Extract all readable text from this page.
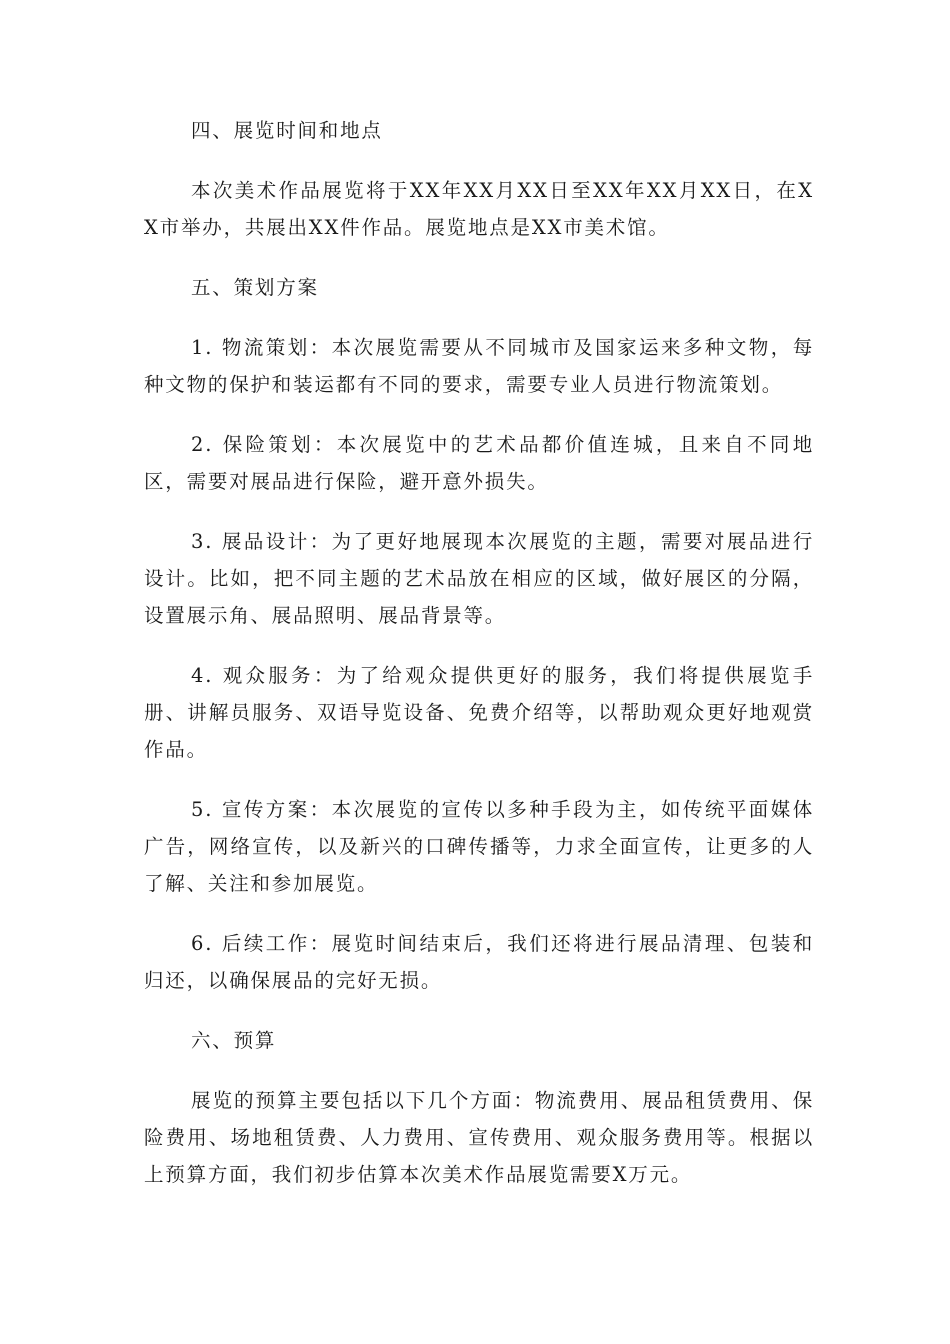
四、展览时间和地点

本次美术作品展览将于XX年XX月XX日至XX年XX月XX日，在XX市举办，共展出XX件作品。展览地点是XX市美术馆。

五、策划方案

1. 物流策划：本次展览需要从不同城市及国家运来多种文物，每种文物的保护和装运都有不同的要求，需要专业人员进行物流策划。

2. 保险策划：本次展览中的艺术品都价值连城，且来自不同地区，需要对展品进行保险，避开意外损失。

3. 展品设计：为了更好地展现本次展览的主题，需要对展品进行设计。比如，把不同主题的艺术品放在相应的区域，做好展区的分隔，设置展示角、展品照明、展品背景等。

4. 观众服务：为了给观众提供更好的服务，我们将提供展览手册、讲解员服务、双语导览设备、免费介绍等，以帮助观众更好地观赏作品。

5. 宣传方案：本次展览的宣传以多种手段为主，如传统平面媒体广告，网络宣传，以及新兴的口碑传播等，力求全面宣传，让更多的人了解、关注和参加展览。

6. 后续工作：展览时间结束后，我们还将进行展品清理、包装和归还，以确保展品的完好无损。

六、预算

展览的预算主要包括以下几个方面：物流费用、展品租赁费用、保险费用、场地租赁费、人力费用、宣传费用、观众服务费用等。根据以上预算方面，我们初步估算本次美术作品展览需要X万元。
